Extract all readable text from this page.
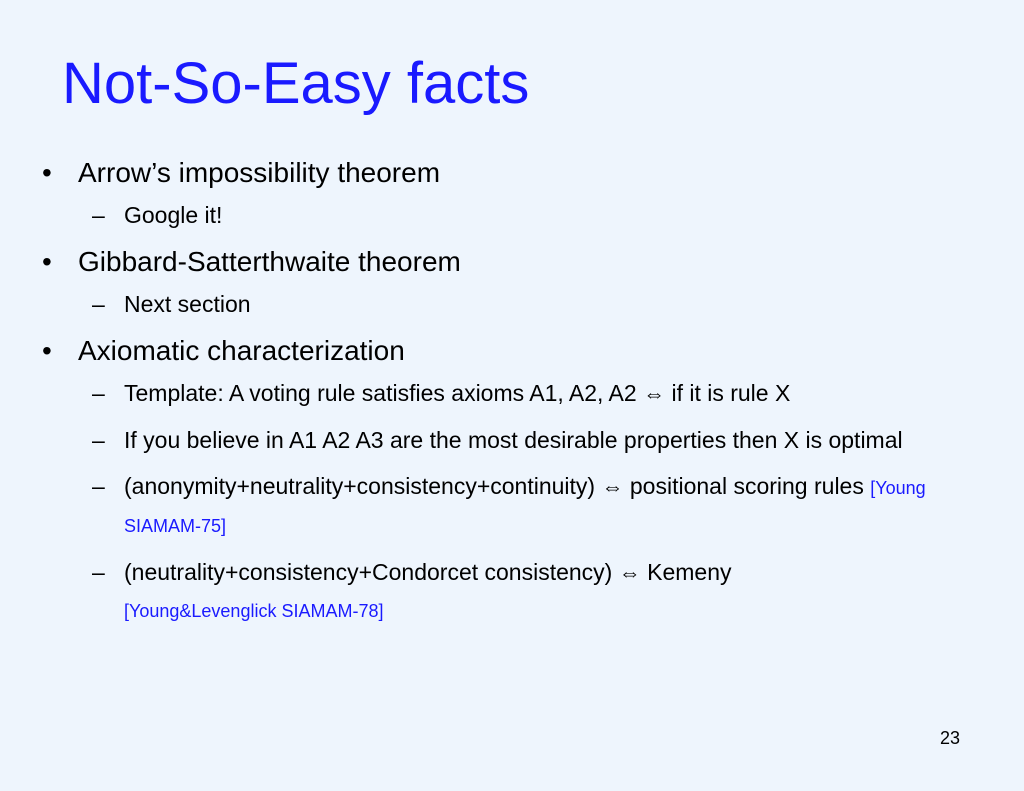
Not-So-Easy facts
• Arrow’s impossibility theorem
– Google it!
• Gibbard-Satterthwaite theorem
– Next section
• Axiomatic characterization
– Template: A voting rule satisfies axioms A1, A2, A2 ⇔ if it is rule X
– If you believe in A1 A2 A3 are the most desirable properties then X is optimal
– (anonymity+neutrality+consistency+continuity) ⇔ positional scoring rules [Young SIAMAM-75]
– (neutrality+consistency+Condorcet consistency) ⇔ Kemeny
[Young&Levenglick SIAMAM-78]
23
